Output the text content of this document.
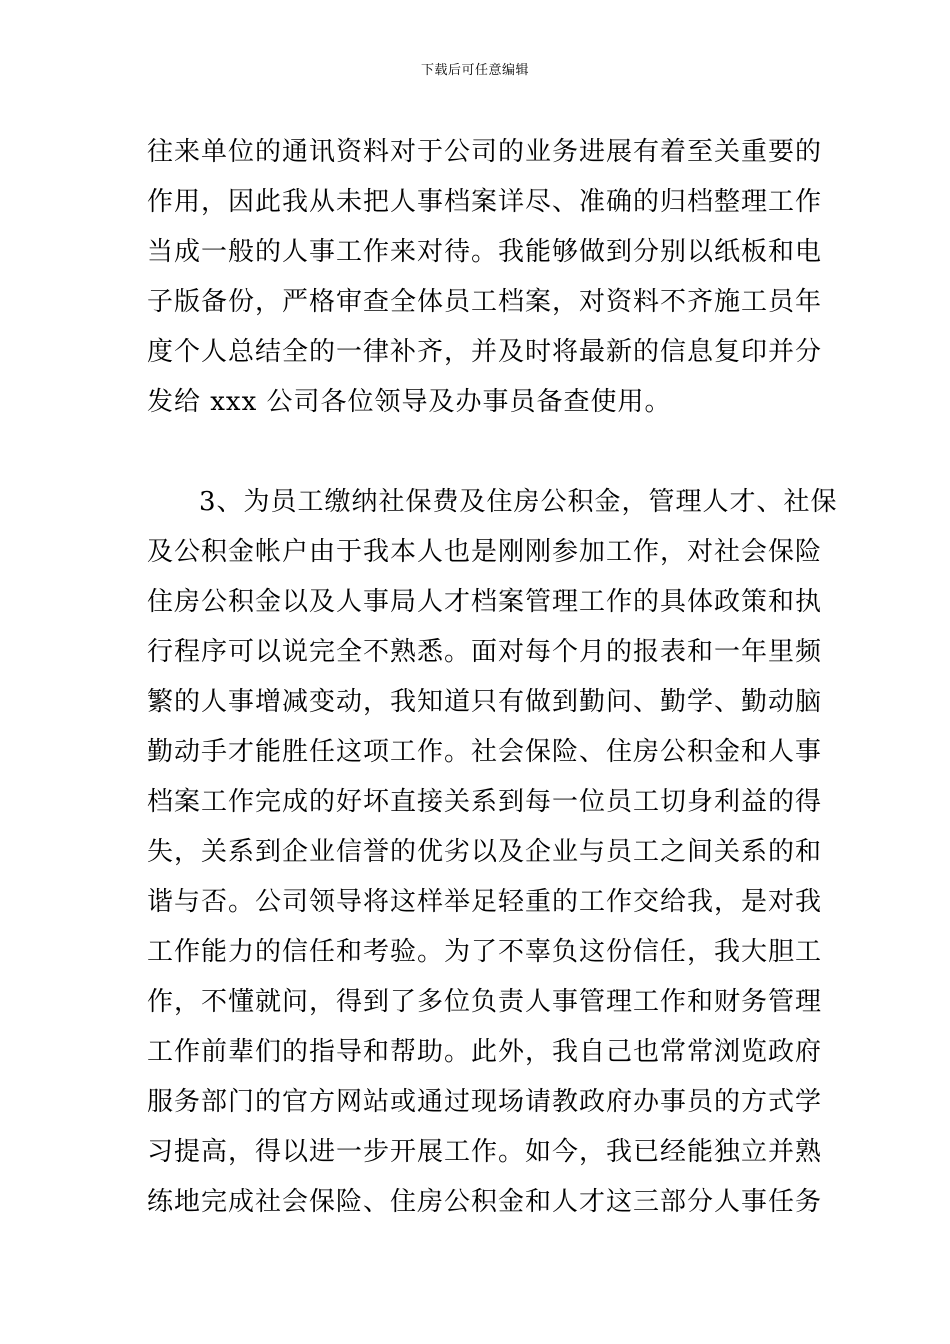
下载后可任意编辑
往来单位的通讯资料对于公司的业务进展有着至关重要的
作用，因此我从未把人事档案详尽、准确的归档整理工作
当成一般的人事工作来对待。我能够做到分别以纸板和电
子版备份，严格审查全体员工档案，对资料不齐施工员年
度个人总结全的一律补齐，并及时将最新的信息复印并分
发给 xxx 公司各位领导及办事员备查使用。
3、为员工缴纳社保费及住房公积金，管理人才、社保
及公积金帐户由于我本人也是刚刚参加工作，对社会保险
住房公积金以及人事局人才档案管理工作的具体政策和执
行程序可以说完全不熟悉。面对每个月的报表和一年里频
繁的人事增减变动，我知道只有做到勤问、勤学、勤动脑
勤动手才能胜任这项工作。社会保险、住房公积金和人事
档案工作完成的好坏直接关系到每一位员工切身利益的得
失，关系到企业信誉的优劣以及企业与员工之间关系的和
谐与否。公司领导将这样举足轻重的工作交给我，是对我
工作能力的信任和考验。为了不辜负这份信任，我大胆工
作，不懂就问，得到了多位负责人事管理工作和财务管理
工作前辈们的指导和帮助。此外，我自己也常常浏览政府
服务部门的官方网站或通过现场请教政府办事员的方式学
习提高，得以进一步开展工作。如今，我已经能独立并熟
练地完成社会保险、住房公积金和人才这三部分人事任务
